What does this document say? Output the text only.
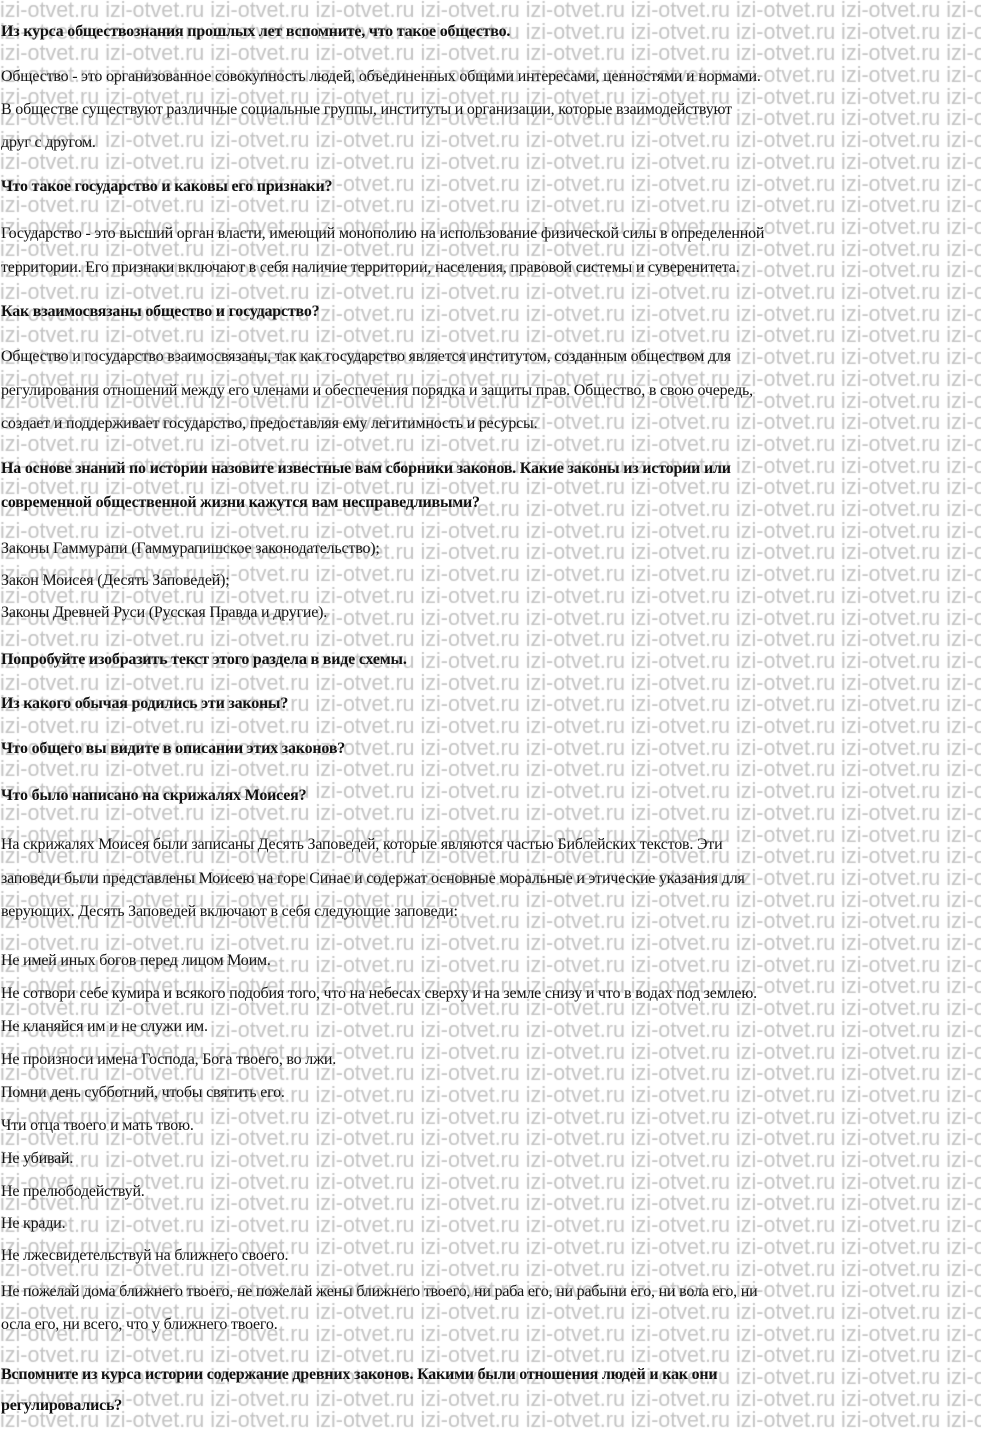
Из курса обществознания прошлых лет вспомните, что такое общество.
Общество - это организованное совокупность людей, объединенных общими интересами, ценностями и нормами.
В обществе существуют различные социальные группы, институты и организации, которые взаимодействуют
друг с другом.
Что такое государство и каковы его признаки?
Государство - это высший орган власти, имеющий монополию на использование физической силы в определенной
территории. Его признаки включают в себя наличие территории, населения, правовой системы и суверенитета.
Как взаимосвязаны общество и государство?
Общество и государство взаимосвязаны, так как государство является институтом, созданным обществом для
регулирования отношений между его членами и обеспечения порядка и защиты прав. Общество, в свою очередь,
создает и поддерживает государство, предоставляя ему легитимность и ресурсы.
На основе знаний по истории назовите известные вам сборники законов. Какие законы из истории или
современной общественной жизни кажутся вам несправедливыми?
Законы Гаммурапи (Гаммурапишское законодательство);
Закон Моисея (Десять Заповедей);
Законы Древней Руси (Русская Правда и другие).
Попробуйте изобразить текст этого раздела в виде схемы.
Из какого обычая родились эти законы?
Что общего вы видите в описании этих законов?
Что было написано на скрижалях Моисея?
На скрижалях Моисея были записаны Десять Заповедей, которые являются частью Библейских текстов. Эти
заповеди были представлены Моисею на горе Синае и содержат основные моральные и этические указания для
верующих. Десять Заповедей включают в себя следующие заповеди:
Не имей иных богов перед лицом Моим.
Не сотвори себе кумира и всякого подобия того, что на небесах сверху и на земле снизу и что в водах под землею.
Не кланяйся им и не служи им.
Не произноси имена Господа, Бога твоего, во лжи.
Помни день субботний, чтобы святить его.
Чти отца твоего и мать твою.
Не убивай.
Не прелюбодействуй.
Не кради.
Не лжесвидетельствуй на ближнего своего.
Не пожелай дома ближнего твоего, не пожелай жены ближнего твоего, ни раба его, ни рабыни его, ни вола его, ни
осла его, ни всего, что у ближнего твоего.
Вспомните из курса истории содержание древних законов. Какими были отношения людей и как они
регулировались?
